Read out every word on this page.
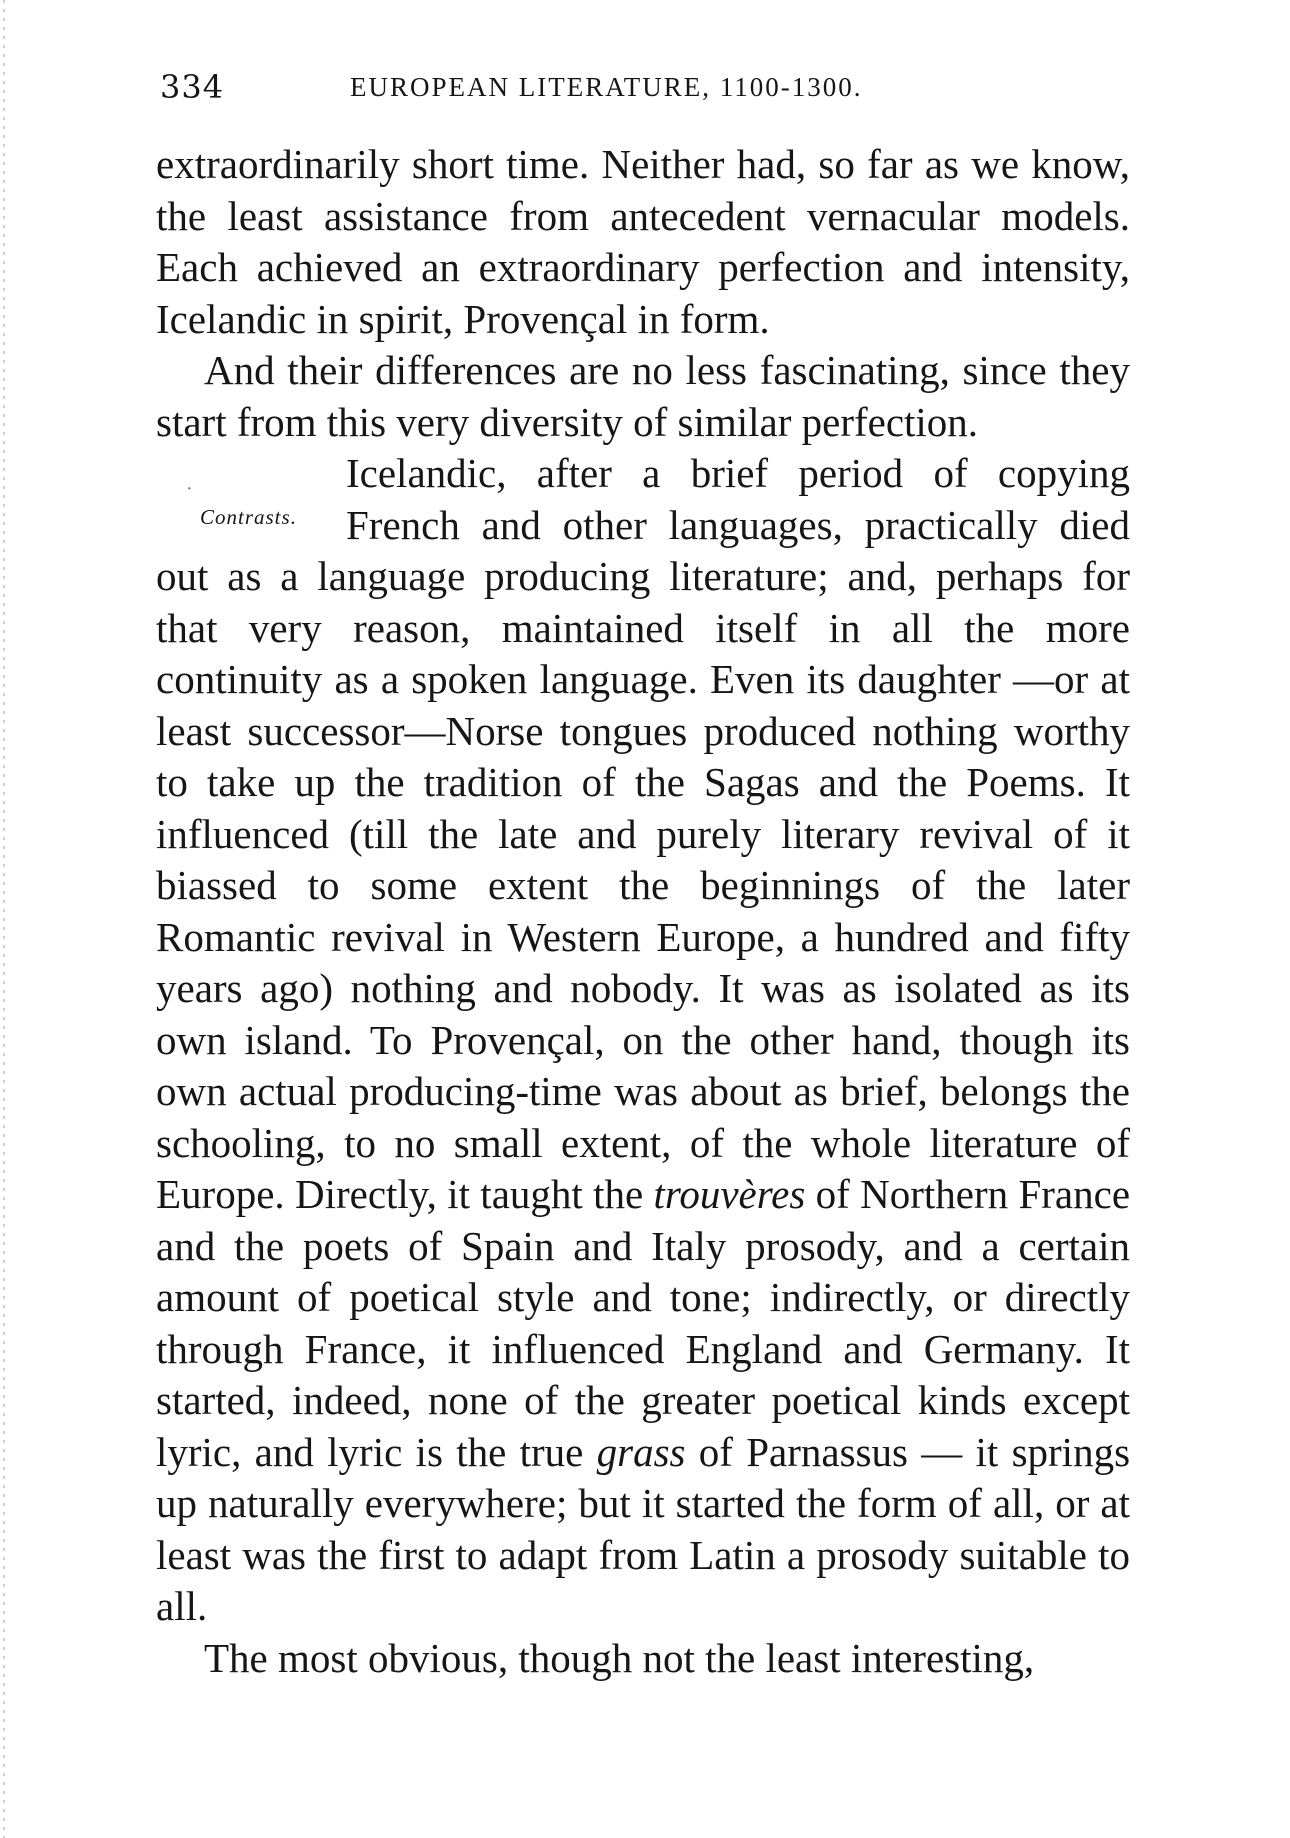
334	EUROPEAN LITERATURE, 1100-1300.

extraordinarily short time. Neither had, so far as we know, the least assistance from antecedent vernacular models. Each achieved an extraordinary perfection and intensity, Icelandic in spirit, Provençal in form.

And their differences are no less fascinating, since they start from this very diversity of similar perfection.

·
Contrasts.

Icelandic, after a brief period of copying French and other languages, practically died out as a language producing literature; and, perhaps for that very reason, maintained itself in all the more continuity as a spoken language. Even its daughter —or at least successor—Norse tongues produced nothing worthy to take up the tradition of the Sagas and the Poems. It influenced (till the late and purely literary revival of it biassed to some extent the beginnings of the later Romantic revival in Western Europe, a hundred and fifty years ago) nothing and nobody. It was as isolated as its own island. To Provençal, on the other hand, though its own actual producing-time was about as brief, belongs the schooling, to no small extent, of the whole literature of Europe. Directly, it taught the trouvères of Northern France and the poets of Spain and Italy prosody, and a certain amount of poetical style and tone; indirectly, or directly through France, it influenced England and Germany. It started, indeed, none of the greater poetical kinds except lyric, and lyric is the true grass of Parnassus — it springs up naturally everywhere; but it started the form of all, or at least was the first to adapt from Latin a prosody suitable to all.

The most obvious, though not the least interesting,
